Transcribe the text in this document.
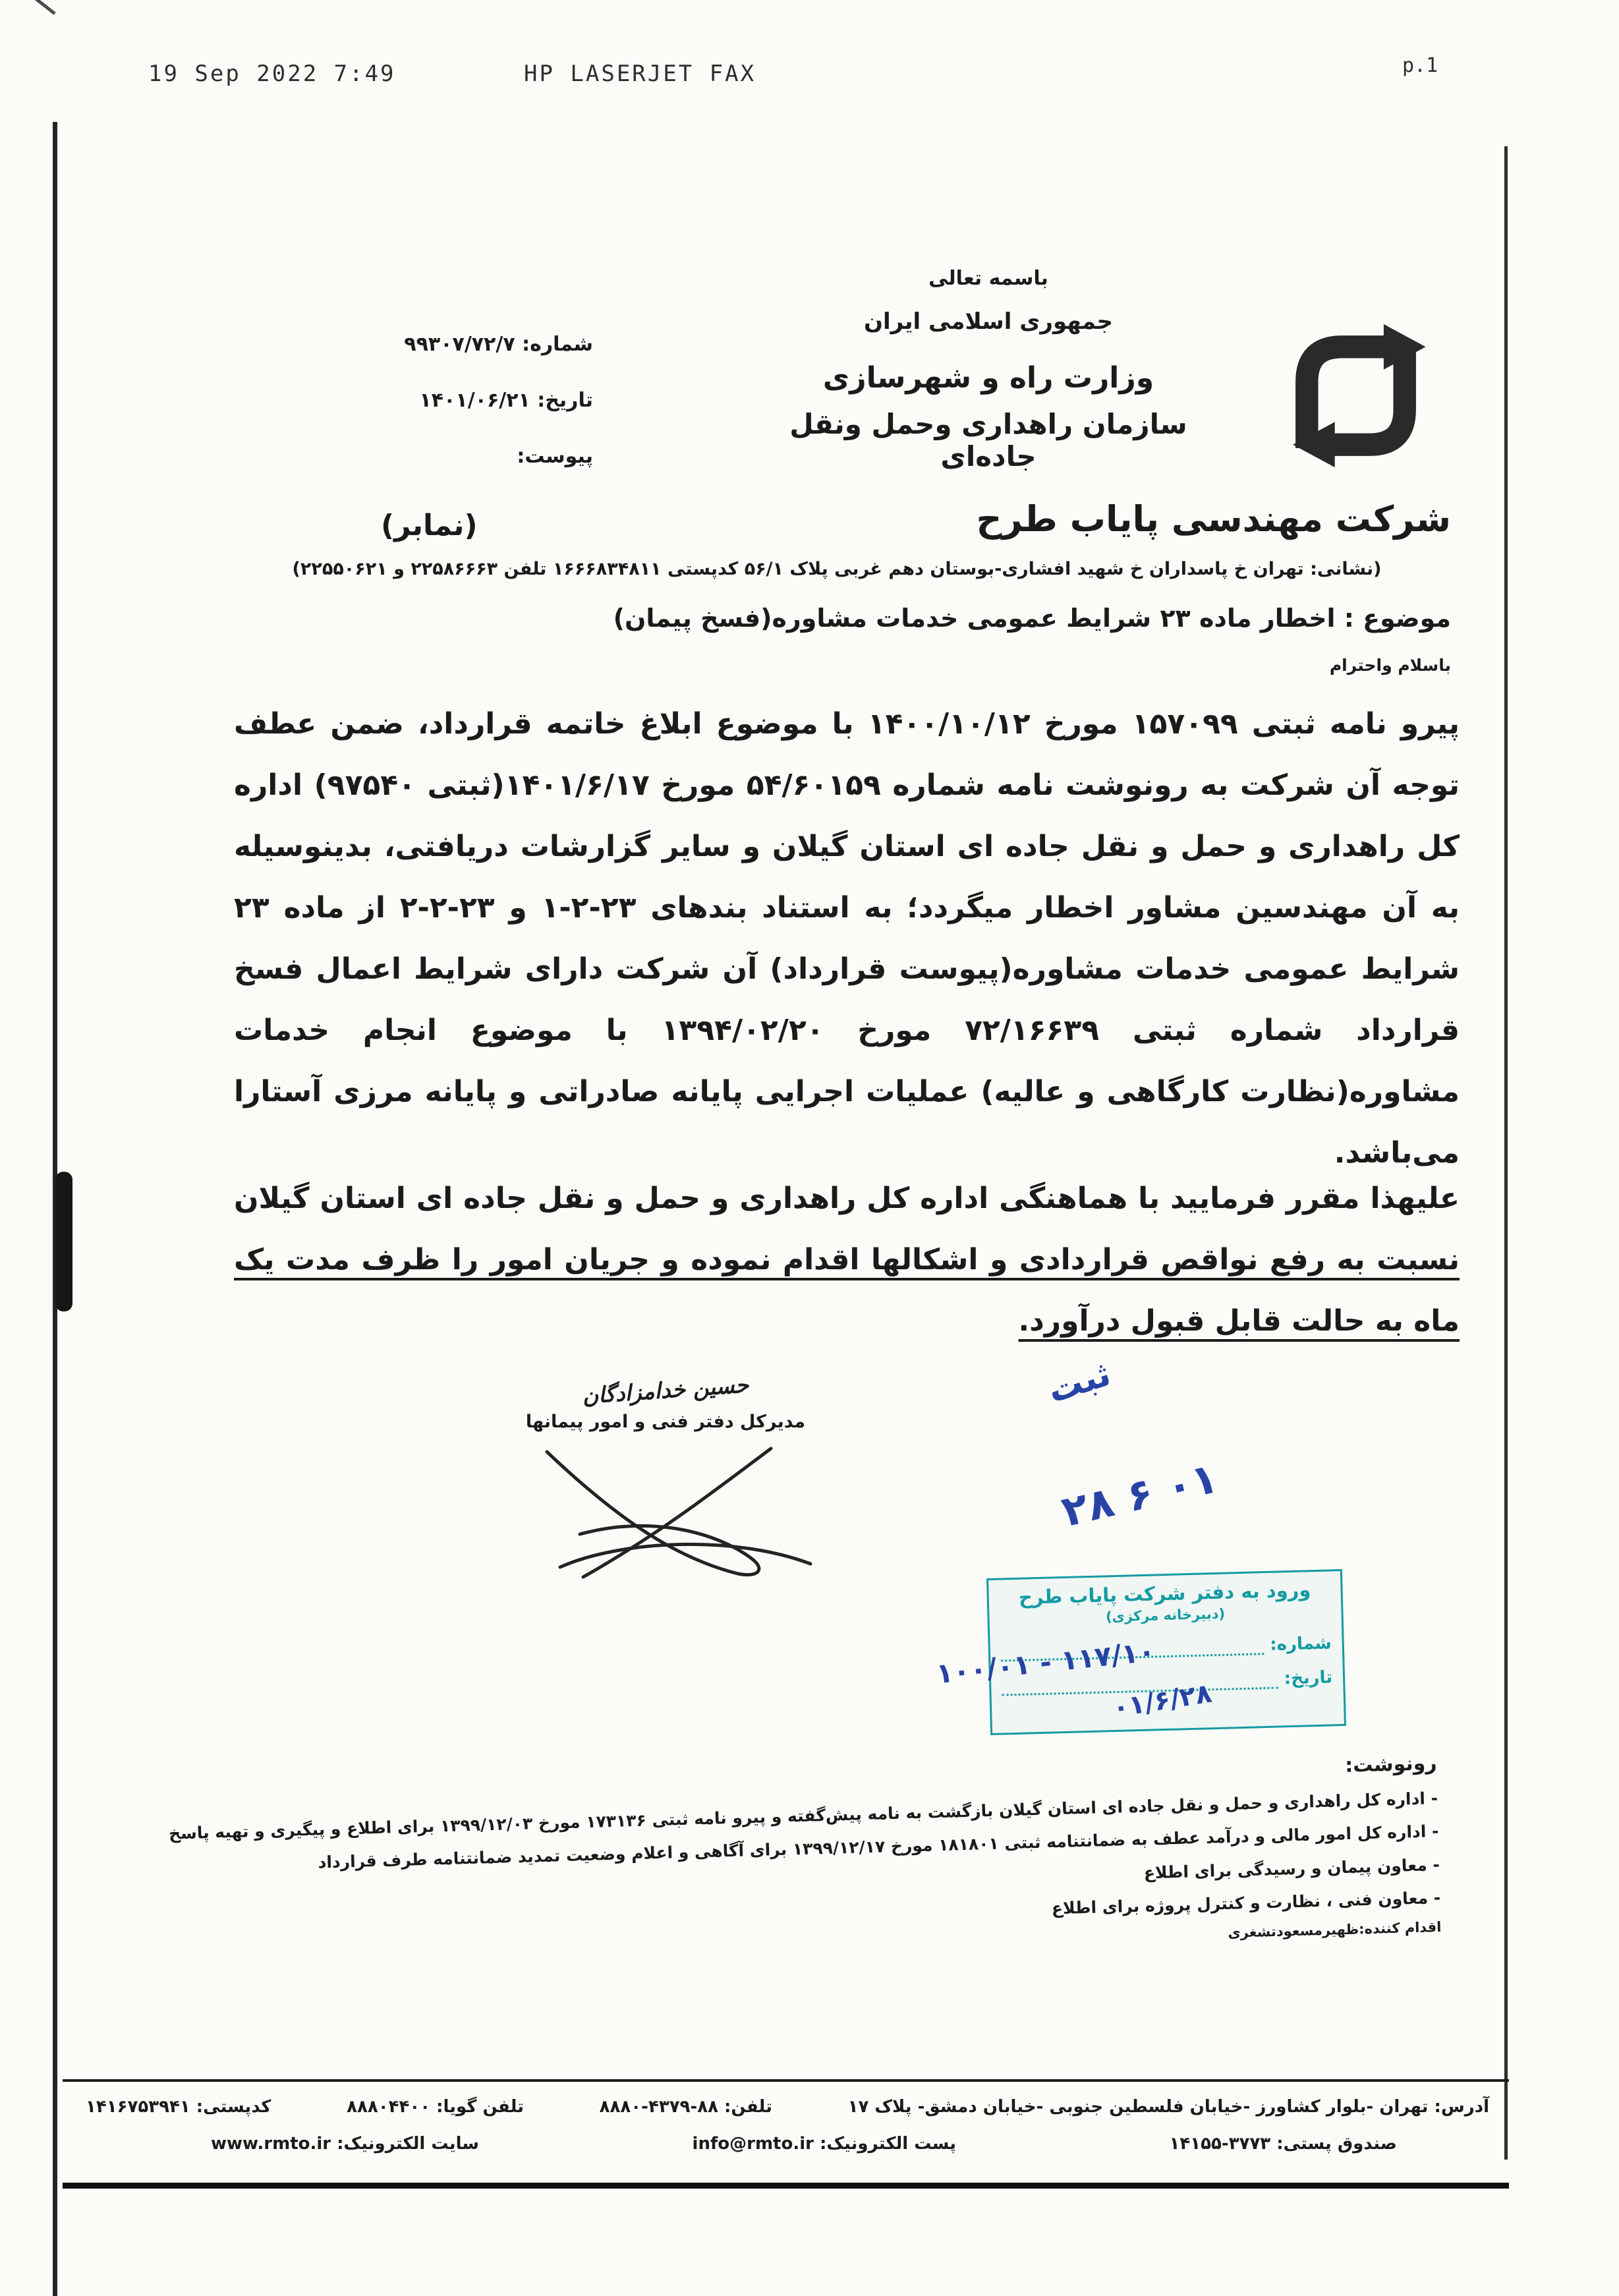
19 Sep 2022 7:49	HP LASERJET FAX	p.1
باسمه تعالی
جمهوری اسلامی ایران
وزارت راه و شهرسازی
سازمان راهداری وحمل ونقل جاده‌ای
شماره: ۹۹۳۰۷/۷۲/۷
تاریخ: ۱۴۰۱/۰۶/۲۱
پیوست:
شرکت مهندسی پایاب طرح
(نمابر)
(نشانی: تهران خ پاسداران خ شهید افشاری-بوستان دهم غربی پلاک ۵۶/۱ کدپستی ۱۶۶۶۸۳۴۸۱۱ تلفن ۲۲۵۸۶۶۶۳ و ۲۲۵۵۰۶۲۱)
موضوع : اخطار ماده ۲۳ شرایط عمومی خدمات مشاوره(فسخ پیمان)
باسلام واحترام
پیرو نامه ثبتی ۱۵۷۰۹۹ مورخ ۱۴۰۰/۱۰/۱۲ با موضوع ابلاغ خاتمه قرارداد، ضمن عطف توجه آن شرکت به رونوشت نامه شماره ۵۴/۶۰۱۵۹ مورخ ۱۴۰۱/۶/۱۷(ثبتی ۹۷۵۴۰) اداره کل راهداری و حمل و نقل جاده ای استان گیلان و سایر گزارشات دریافتی، بدینوسیله به آن مهندسین مشاور اخطار میگردد؛ به استناد بندهای ۲۳-۲-۱ و ۲۳-۲-۲ از ماده ۲۳ شرایط عمومی خدمات مشاوره(پیوست قرارداد) آن شرکت دارای شرایط اعمال فسخ قرارداد شماره ثبتی ۷۲/۱۶۶۳۹ مورخ ۱۳۹۴/۰۲/۲۰ با موضوع انجام خدمات مشاوره(نظارت کارگاهی و عالیه) عملیات اجرایی پایانه صادراتی و پایانه مرزی آستارا می‌باشد.
علیهذا مقرر فرمایید با هماهنگی اداره کل راهداری و حمل و نقل جاده ای استان گیلان نسبت به رفع نواقص قراردادی و اشکالها اقدام نموده و جریان امور را ظرف مدت یک ماه به حالت قابل قبول درآورد.
حسین خدامزادگان
مدیرکل دفتر فنی و امور پیمانها
ثبت
۲۸ ۶ ۰۱
ورود به دفتر شرکت پایاب طرح
(دبیرخانه مرکزی)
شماره:
تاریخ:
۱۰۰/۰۱ - ۱۱۷/۱۰
۰۱/۶/۲۸
رونوشت:
- اداره کل راهداری و حمل و نقل جاده ای استان گیلان بازگشت به نامه پیش‌گفته و پیرو نامه ثبتی ۱۷۳۱۳۶ مورخ ۱۳۹۹/۱۲/۰۳ برای اطلاع و پیگیری و تهیه پاسخ
- اداره کل امور مالی و درآمد عطف به ضمانتنامه ثبتی ۱۸۱۸۰۱ مورخ ۱۳۹۹/۱۲/۱۷ برای آگاهی و اعلام وضعیت تمدید ضمانتنامه طرف قرارداد
- معاون پیمان و رسیدگی برای اطلاع
- معاون فنی ، نظارت و کنترل پروژه برای اطلاع
اقدام کننده:ظهیرمسعودتشغری
آدرس: تهران -بلوار کشاورز -خیابان فلسطین جنوبی -خیابان دمشق- پلاک ۱۷
تلفن: ۸۸-۴۳۷۹-۸۸۸۰
تلفن گویا: ۸۸۸۰۴۴۰۰
کدپستی: ۱۴۱۶۷۵۳۹۴۱
صندوق پستی: ۳۷۷۳-۱۴۱۵۵
پست الکترونیک: info@rmto.ir
سایت الکترونیک: www.rmto.ir
